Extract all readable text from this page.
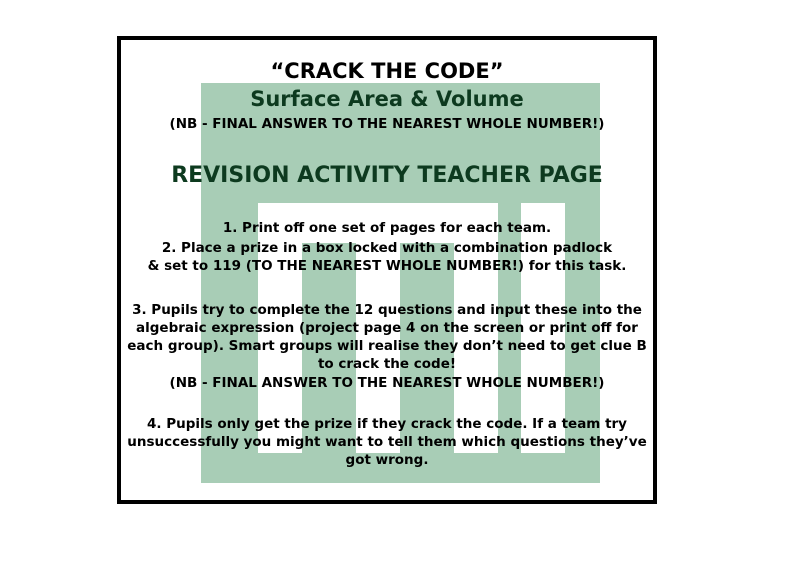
“CRACK THE CODE”
Surface Area & Volume
(NB - FINAL ANSWER TO THE NEAREST WHOLE NUMBER!)
REVISION ACTIVITY TEACHER PAGE
1. Print off one set of pages for each team.
2. Place a prize in a box locked with a combination padlock
& set to 119 (TO THE NEAREST WHOLE NUMBER!) for this task.
3. Pupils try to complete the 12 questions and input these into the
algebraic expression (project page 4 on the screen or print off for
each group). Smart groups will realise they don’t need to get clue B
to crack the code!
(NB - FINAL ANSWER TO THE NEAREST WHOLE NUMBER!)
4. Pupils only get the prize if they crack the code. If a team try
unsuccessfully you might want to tell them which questions they’ve
got wrong.
